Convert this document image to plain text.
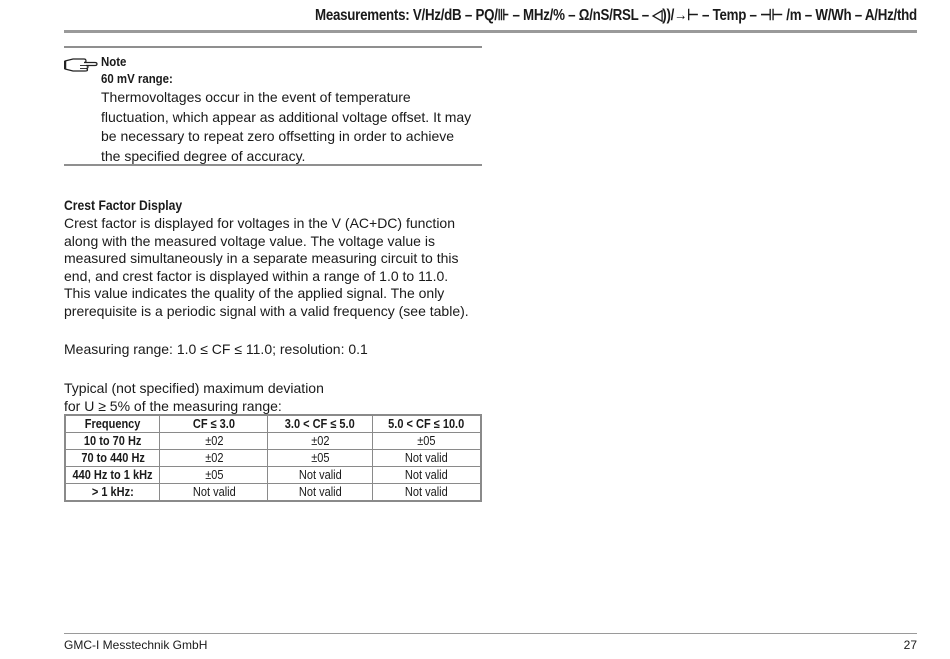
Measurements: V/Hz/dB – PQ/⊪ – MHz/% – Ω/nS/RSL – ◁))/→⊢ – Temp – ⊣⊢ /m – W/Wh – A/Hz/thd
Note
60 mV range:
Thermovoltages occur in the event of temperature fluctuation, which appear as additional voltage offset. It may be necessary to repeat zero offsetting in order to achieve the specified degree of accuracy.
Crest Factor Display
Crest factor is displayed for voltages in the V (AC+DC) function along with the measured voltage value. The voltage value is measured simultaneously in a separate measuring circuit to this end, and crest factor is displayed within a range of 1.0 to 11.0.
This value indicates the quality of the applied signal. The only prerequisite is a periodic signal with a valid frequency (see table).
Measuring range: 1.0 ≤ CF ≤ 11.0; resolution: 0.1
Typical (not specified) maximum deviation
for U ≥ 5% of the measuring range:
Frequency	CF ≤ 3.0	3.0 < CF ≤ 5.0	5.0 < CF ≤ 10.0
10 to 70 Hz	±02	±02	±05
70 to 440 Hz	±02	±05	Not valid
440 Hz to 1 kHz	±05	Not valid	Not valid
> 1 kHz:	Not valid	Not valid	Not valid
GMC-I Messtechnik GmbH	27
